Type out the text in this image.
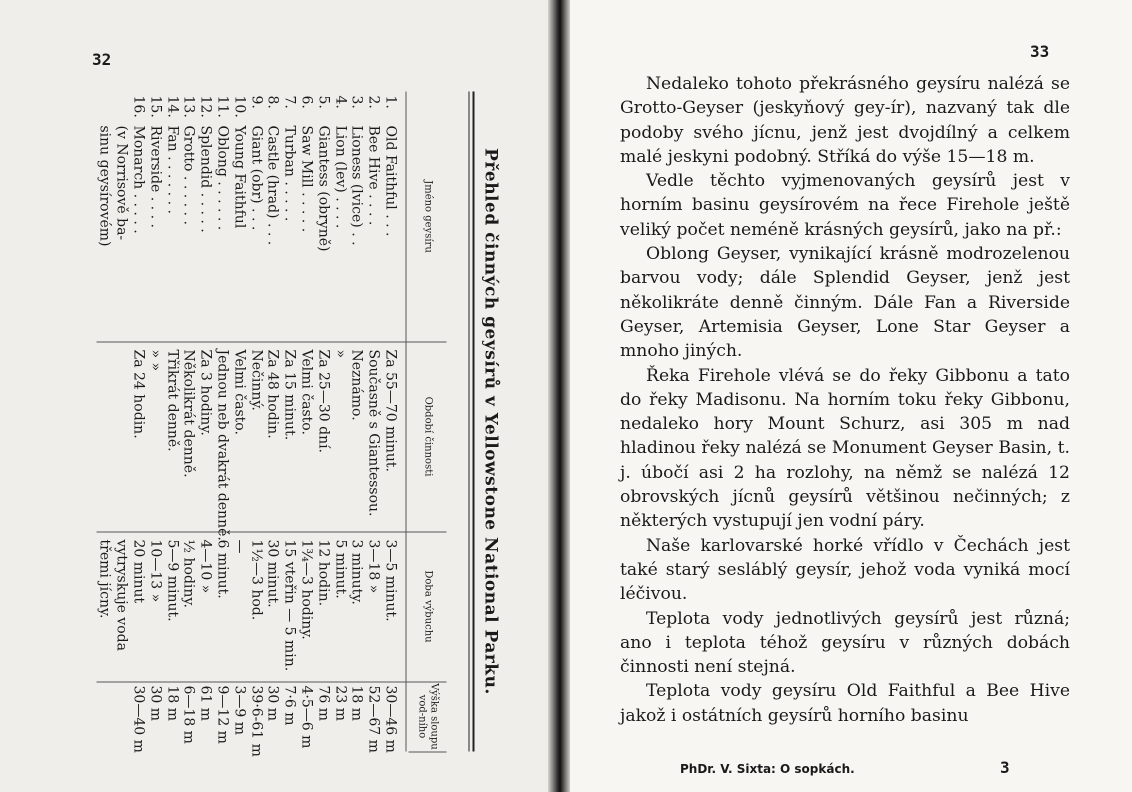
32	33
Přehled činných geysírů v Yellowstone National Parku.
Jméno geysíru
Období činnosti
Doba výbuchu
Výška sloupu vod-ního
1.
Old Faithful . . .
Za 55—70 minut.
3—5 minut.
30—46 m
2.
Bee Hive . . . .
Současně s Giantessou.
3—18 »
52—67 m
3.
Lioness (lvice) . .
Neznámo.
3 minuty.
18 m
4.
Lion (lev) . . . .
»
5 minut.
23 m
5.
Giantess (obryně)
Za 25—30 dní.
12 hodin.
76 m
6.
Saw Mill . . . . .
Velmi často.
1¾—3 hodiny.
4·5—6 m
7.
Turban . . . . .
Za 15 minut.
15 vteřin — 5 min.
7·6 m
8.
Castle (hrad) . . .
Za 48 hodin.
30 minut.
30 m
9.
Giant (obr) . . .
Nečinný.
1½—3 hod.
39·6-61 m
10.
Young Faithful
Velmi často.
—
3—9 m
11.
Oblong . . . . . .
Jednou neb dvakrát denně.
6 minut.
9—12 m
12.
Splendid . . . . .
Za 3 hodiny.
4—10 »
61 m
13.
Grotto . . . . . .
Několikrát denně.
½ hodiny.
6—18 m
14.
Fan . . . . . . .
Třikrát denně.
5—9 minut.
18 m
15.
Riverside . . . .
» »
10—13 »
30 m
16.
Monarch . . . . .
Za 24 hodin.
20 minut
30—40 m
(v Norrisově ba-
vytryskuje voda
sinu geysírovém)
třemi jícny.

Nedaleko tohoto překrásného geysíru nalézá se Grotto-Geyser (jeskyňový gey-ír), nazvaný tak dle podoby svého jícnu, jenž jest dvojdílný a celkem malé jeskyni podobný. Stříká do výše 15—18 m.

Vedle těchto vyjmenovaných geysírů jest v horním basinu geysírovém na řece Firehole ještě veliký počet neméně krásných geysírů, jako na př.:

Oblong Geyser, vynikající krásně modrozelenou barvou vody; dále Splendid Geyser, jenž jest několikráte denně činným. Dále Fan a Riverside Geyser, Artemisia Geyser, Lone Star Geyser a mnoho jiných.

Řeka Firehole vlévá se do řeky Gibbonu a tato do řeky Madisonu. Na horním toku řeky Gibbonu, nedaleko hory Mount Schurz, asi 305 m nad hladinou řeky nalézá se Monument Geyser Basin, t. j. úbočí asi 2 ha rozlohy, na němž se nalézá 12 obrovských jícnů geysírů většinou nečinných; z některých vystupují jen vodní páry.

Naše karlovarské horké vřídlo v Čechách jest také starý sesláblý geysír, jehož voda vyniká mocí léčivou.

Teplota vody jednotlivých geysírů jest různá; ano i teplota téhož geysíru v různých dobách činnosti není stejná.

Teplota vody geysíru Old Faithful a Bee Hive jakož i ostátních geysírů horního basinu

PhDr. V. Sixta: O sopkách.	3
